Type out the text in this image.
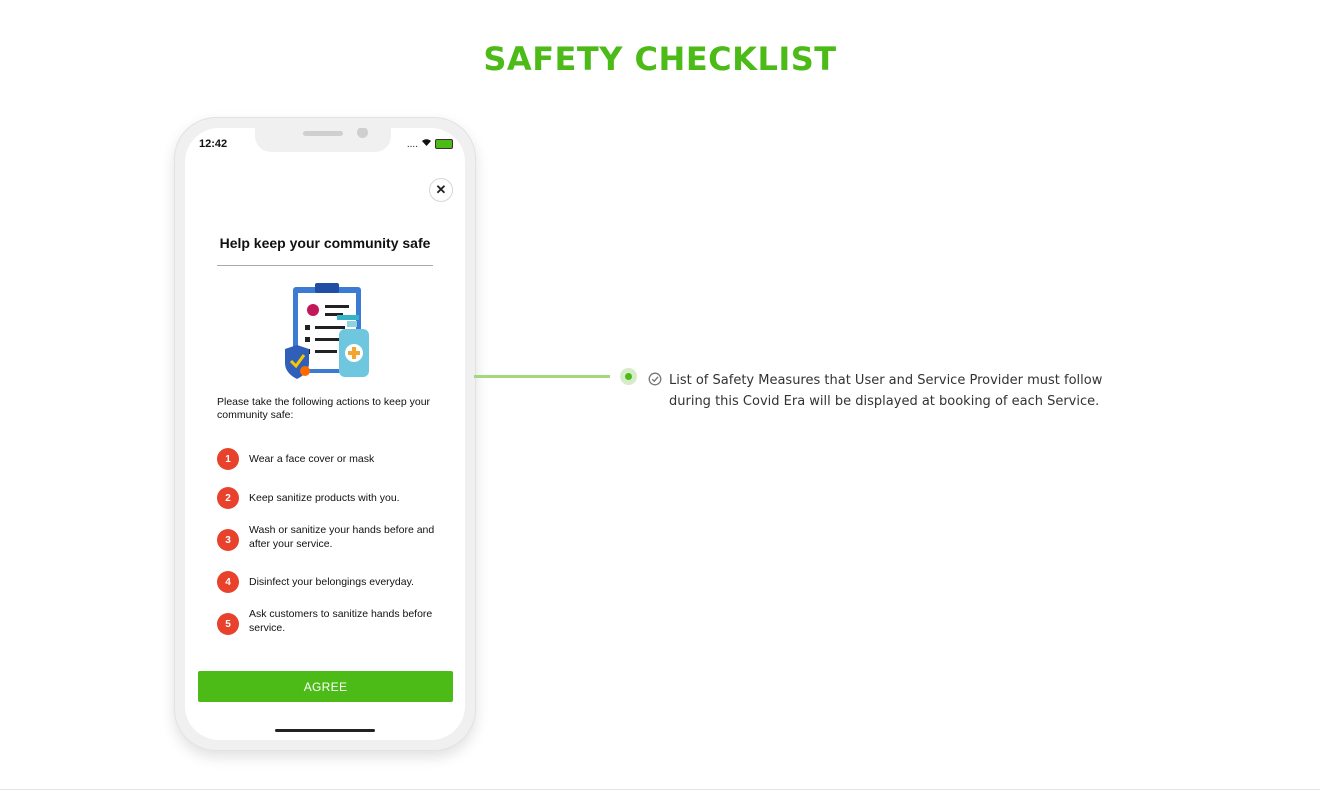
SAFETY CHECKLIST
12:42	....
✕
Help keep your community safe
Please take the following actions to keep your community safe:
1	Wear a face cover or mask
2	Keep sanitize products with you.
3
Wash or sanitize your hands before and after your service.
4	Disinfect your belongings everyday.
5
Ask customers to sanitize hands before service.
AGREE
List of Safety Measures that User and Service Provider must follow during this Covid Era will be displayed at booking of each Service.
